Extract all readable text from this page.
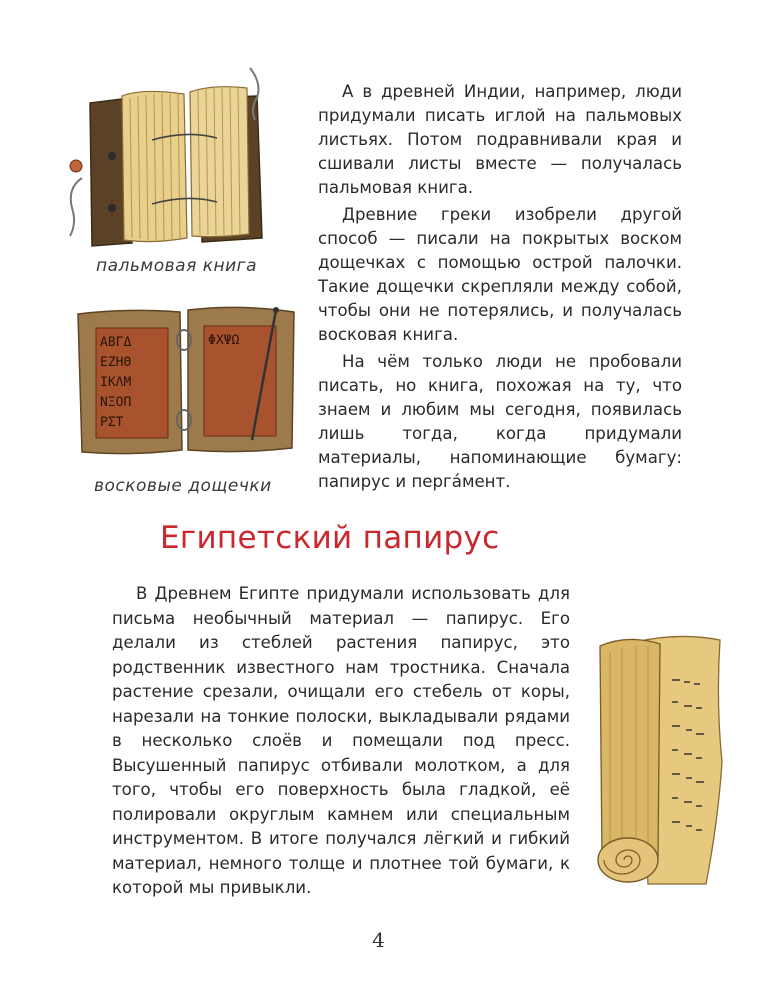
пальмовая книга
ΑΒΓΔ
ΕΖΗΘ
ΙΚΛΜ
ΝΞΟΠ
ΡΣΤ
ΦΧΨΩ
восковые дощечки

А в древней Индии, например, люди придумали писать иглой на пальмовых листьях. Потом подравнивали края и сшивали листы вместе — получалась пальмовая книга.

Древние греки изобрели другой способ — писали на покрытых воском дощечках с помощью острой палочки. Такие дощечки скрепляли между собой, чтобы они не потерялись, и получалась восковая книга.

На чём только люди не пробовали писать, но книга, похожая на ту, что знаем и любим мы сегодня, появилась лишь тогда, когда придумали материалы, напоминающие бумагу: папирус и пергáмент.

Египетский папирус

В Древнем Египте придумали использовать для письма необычный материал — папирус. Его делали из стеблей растения папирус, это родственник известного нам тростника. Сначала растение срезали, очищали его стебель от коры, нарезали на тонкие полоски, выкладывали рядами в несколько слоёв и помещали под пресс. Высушенный папирус отбивали молотком, а для того, чтобы его поверхность была гладкой, её полировали округлым камнем или специальным инструментом. В итоге получался лёгкий и гибкий материал, немного толще и плотнее той бумаги, к которой мы привыкли.

4
